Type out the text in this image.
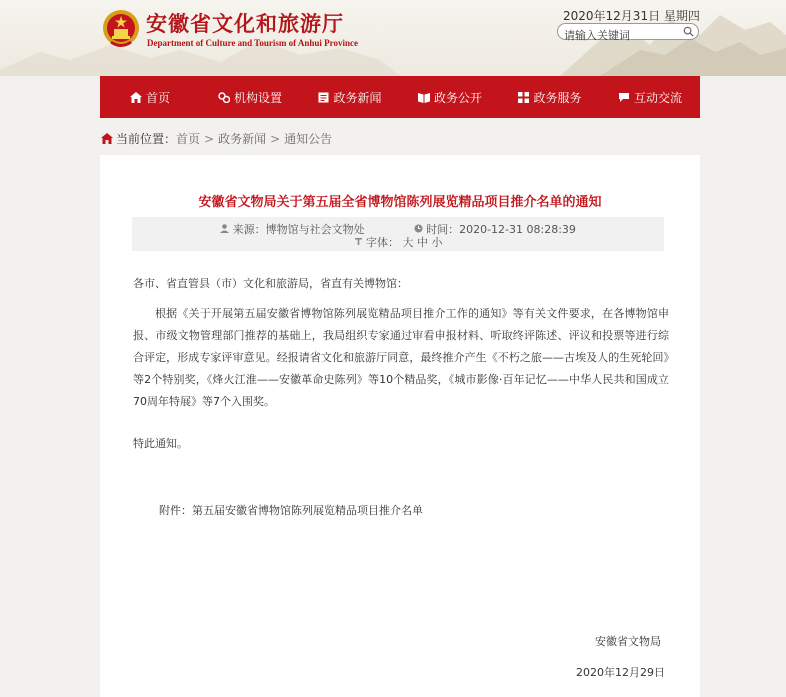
安徽省文化和旅游厅
Department of Culture and Tourism of Anhui Province
2020年12月31日 星期四
请输入关键词
首页	机构设置	政务新闻	政务公开	政务服务	互动交流
当前位置： 首页 > 政务新闻 > 通知公告
安徽省文物局关于第五届全省博物馆陈列展览精品项目推介名单的通知
来源：博物馆与社会文物处	时间：2020-12-31 08:28:39
字体： 大 中 小
各市、省直管县（市）文化和旅游局，省直有关博物馆：
根据《关于开展第五届安徽省博物馆陈列展览精品项目推介工作的通知》等有关文件要求，在各博物馆申报、市级文物管理部门推荐的基础上，我局组织专家通过审看申报材料、听取终评陈述、评议和投票等进行综合评定，形成专家评审意见。经报请省文化和旅游厅同意，最终推介产生《不朽之旅——古埃及人的生死轮回》等2个特别奖，《烽火江淮——安徽革命史陈列》等10个精品奖，《城市影像·百年记忆——中华人民共和国成立70周年特展》等7个入围奖。
特此通知。
附件：第五届安徽省博物馆陈列展览精品项目推介名单
安徽省文物局
2020年12月29日
